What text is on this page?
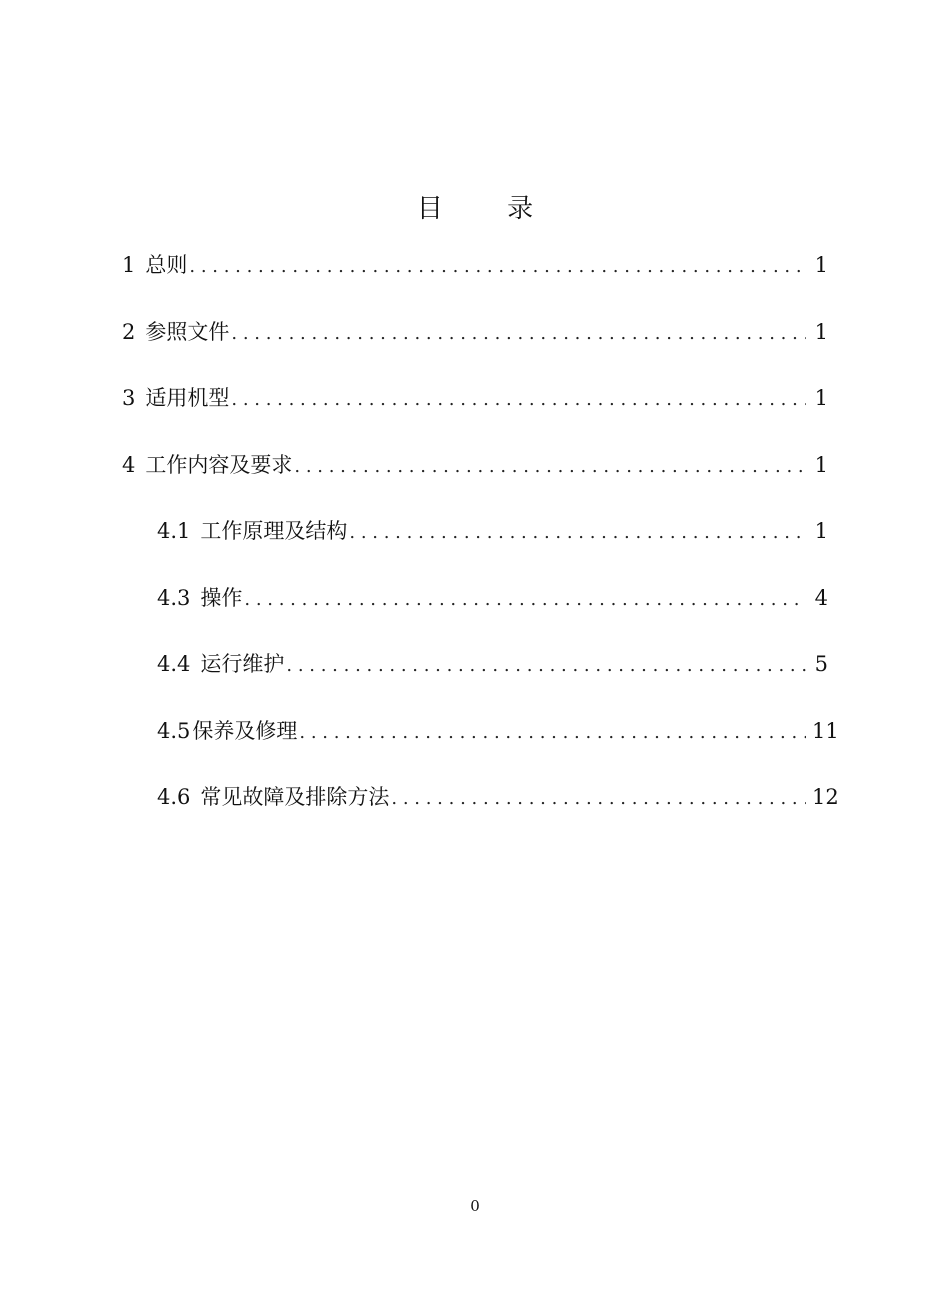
目 录
1 总则 . . .	1
2 参照文件 . . .	1
3 适用机型 . . .	1
4 工作内容及要求 . . .	1
4.1 工作原理及结构 . . .	1
4.3 操作 . . .	4
4.4 运行维护 . . .	5
4.5保养及修理 . . .	11
4.6 常见故障及排除方法 . . .	12
0
